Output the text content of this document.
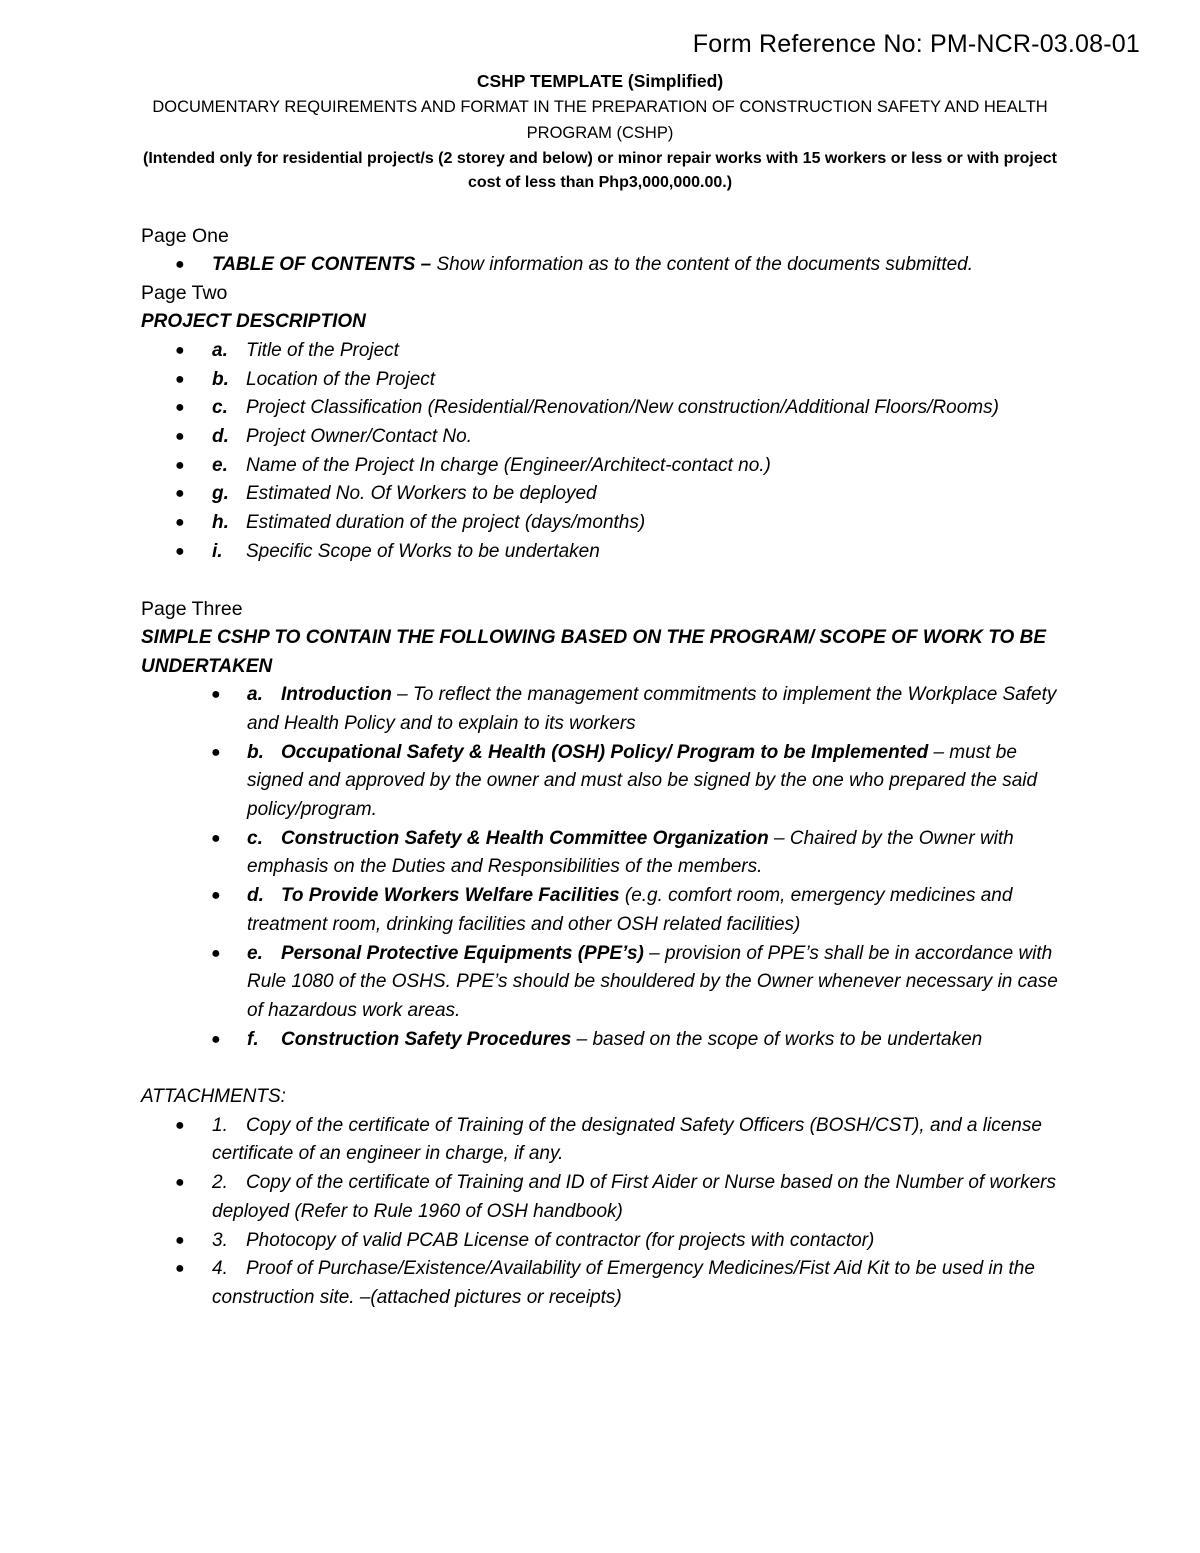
Form Reference No: PM-NCR-03.08-01
CSHP TEMPLATE (Simplified)
DOCUMENTARY REQUIREMENTS AND FORMAT IN THE PREPARATION OF CONSTRUCTION SAFETY AND HEALTH PROGRAM (CSHP)
(Intended only for residential project/s (2 storey and below) or minor repair works with 15 workers or less or with project cost of less than Php3,000,000.00.)
Page One
● TABLE OF CONTENTS – Show information as to the content of the documents submitted.
Page Two
PROJECT DESCRIPTION
● a. Title of the Project
● b. Location of the Project
● c. Project Classification (Residential/Renovation/New construction/Additional Floors/Rooms)
● d. Project Owner/Contact No.
● e. Name of the Project In charge (Engineer/Architect-contact no.)
● g. Estimated No. Of Workers to be deployed
● h. Estimated duration of the project (days/months)
● i. Specific Scope of Works to be undertaken
Page Three
SIMPLE CSHP TO CONTAIN THE FOLLOWING BASED ON THE PROGRAM/ SCOPE OF WORK TO BE UNDERTAKEN
● a. Introduction – To reflect the management commitments to implement the Workplace Safety and Health Policy and to explain to its workers
● b. Occupational Safety & Health (OSH) Policy/ Program to be Implemented – must be signed and approved by the owner and must also be signed by the one who prepared the said policy/program.
● c. Construction Safety & Health Committee Organization – Chaired by the Owner with emphasis on the Duties and Responsibilities of the members.
● d. To Provide Workers Welfare Facilities (e.g. comfort room, emergency medicines and treatment room, drinking facilities and other OSH related facilities)
● e. Personal Protective Equipments (PPE’s) – provision of PPE’s shall be in accordance with Rule 1080 of the OSHS. PPE’s should be shouldered by the Owner whenever necessary in case of hazardous work areas.
● f. Construction Safety Procedures – based on the scope of works to be undertaken
ATTACHMENTS:
● 1. Copy of the certificate of Training of the designated Safety Officers (BOSH/CST), and a license certificate of an engineer in charge, if any.
● 2. Copy of the certificate of Training and ID of First Aider or Nurse based on the Number of workers deployed (Refer to Rule 1960 of OSH handbook)
● 3. Photocopy of valid PCAB License of contractor (for projects with contactor)
● 4. Proof of Purchase/Existence/Availability of Emergency Medicines/Fist Aid Kit to be used in the construction site. –(attached pictures or receipts)
